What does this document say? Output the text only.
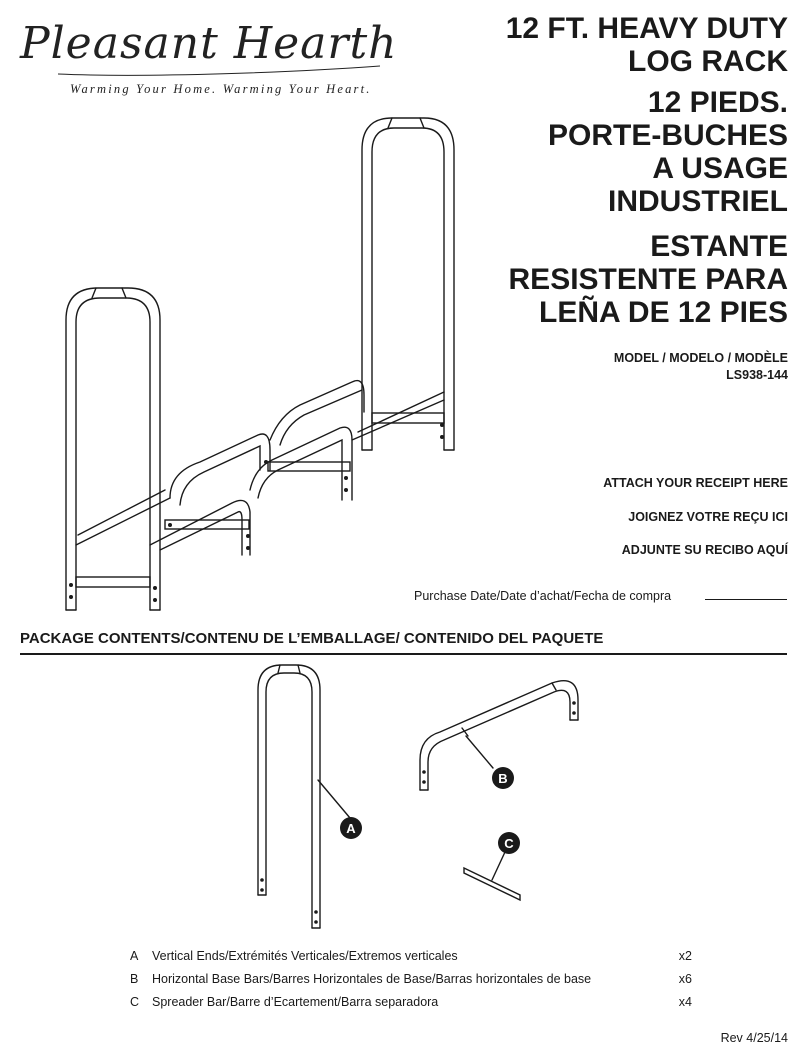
Pleasant Hearth
Warming Your Home. Warming Your Heart.
12 FT. HEAVY DUTY
LOG RACK
12 PIEDS.
PORTE-BUCHES
A USAGE
INDUSTRIEL
ESTANTE
RESISTENTE PARA
LEÑA DE 12 PIES
MODEL / MODELO / MODÈLE
LS938-144
ATTACH YOUR RECEIPT HERE
JOIGNEZ VOTRE REÇU ICI
ADJUNTE SU RECIBO AQUÍ
Purchase Date/Date d’achat/Fecha de compra
PACKAGE CONTENTS/CONTENU DE L’EMBALLAGE/ CONTENIDO DEL PAQUETE
A
B
C
A	Vertical Ends/Extrémités Verticales/Extremos verticales	x2
B	Horizontal Base Bars/Barres Horizontales de Base/Barras horizontales de base	x6
C	Spreader Bar/Barre d’Ecartement/Barra separadora	x4
Rev 4/25/14
